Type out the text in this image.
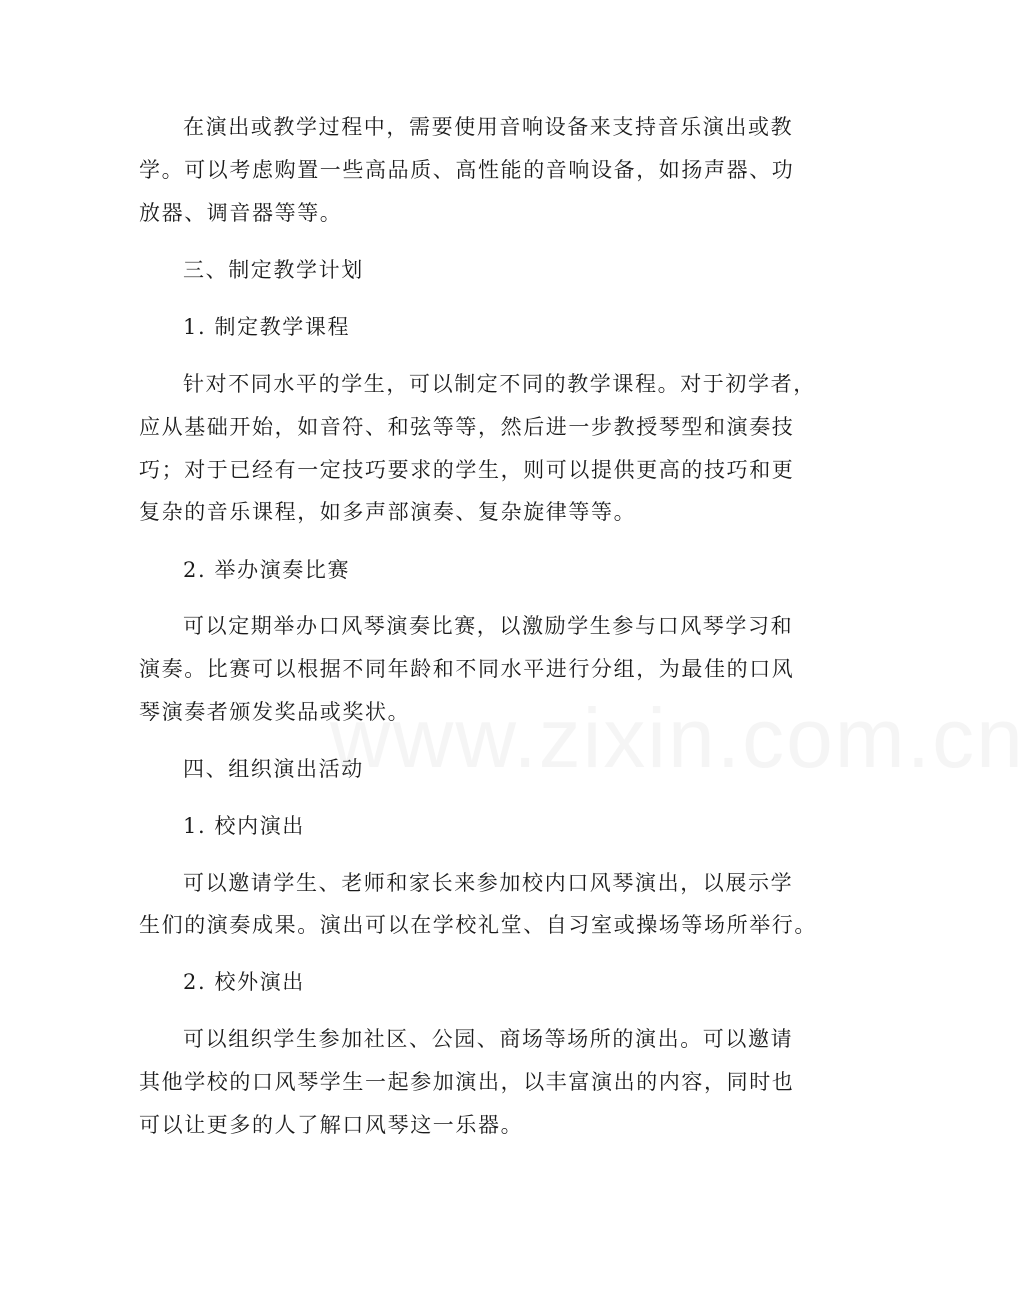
www.zixin.com.cn
在演出或教学过程中，需要使用音响设备来支持音乐演出或教
学。可以考虑购置一些高品质、高性能的音响设备，如扬声器、功
放器、调音器等等。
三、制定教学计划
1. 制定教学课程
针对不同水平的学生，可以制定不同的教学课程。对于初学者，
应从基础开始，如音符、和弦等等，然后进一步教授琴型和演奏技
巧；对于已经有一定技巧要求的学生，则可以提供更高的技巧和更
复杂的音乐课程，如多声部演奏、复杂旋律等等。
2. 举办演奏比赛
可以定期举办口风琴演奏比赛，以激励学生参与口风琴学习和
演奏。比赛可以根据不同年龄和不同水平进行分组，为最佳的口风
琴演奏者颁发奖品或奖状。
四、组织演出活动
1. 校内演出
可以邀请学生、老师和家长来参加校内口风琴演出，以展示学
生们的演奏成果。演出可以在学校礼堂、自习室或操场等场所举行。
2. 校外演出
可以组织学生参加社区、公园、商场等场所的演出。可以邀请
其他学校的口风琴学生一起参加演出，以丰富演出的内容，同时也
可以让更多的人了解口风琴这一乐器。
